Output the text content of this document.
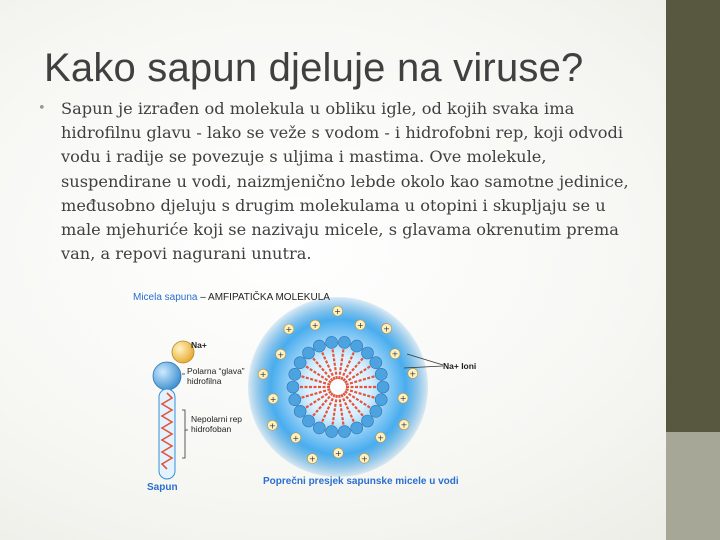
Kako sapun djeluje na viruse?
• Sapun je izrađen od molekula u obliku igle, od kojih svaka ima hidrofilnu glavu - lako se veže s vodom - i hidrofobni rep, koji odvodi vodu i radije se povezuje s uljima i mastima. Ove molekule, suspendirane u vodi, naizmjenično lebde okolo kao samotne jedinice, međusobno djeluju s drugim molekulama u otopini i skupljaju se u male mjehuriće koji se nazivaju micele, s glavama okrenutim prema van, a repovi nagurani unutra.
+
+
+
+
+
+
+
+
+
+
+
+ +
+
+ +
+
+
Micela sapuna – AMFIPATIČKA MOLEKULA
Na+
Polarna “glava” hidrofilna
Nepolarni rep hidrofoban
Na+ Ioni
Sapun
Poprečni presjek sapunske micele u vodi
